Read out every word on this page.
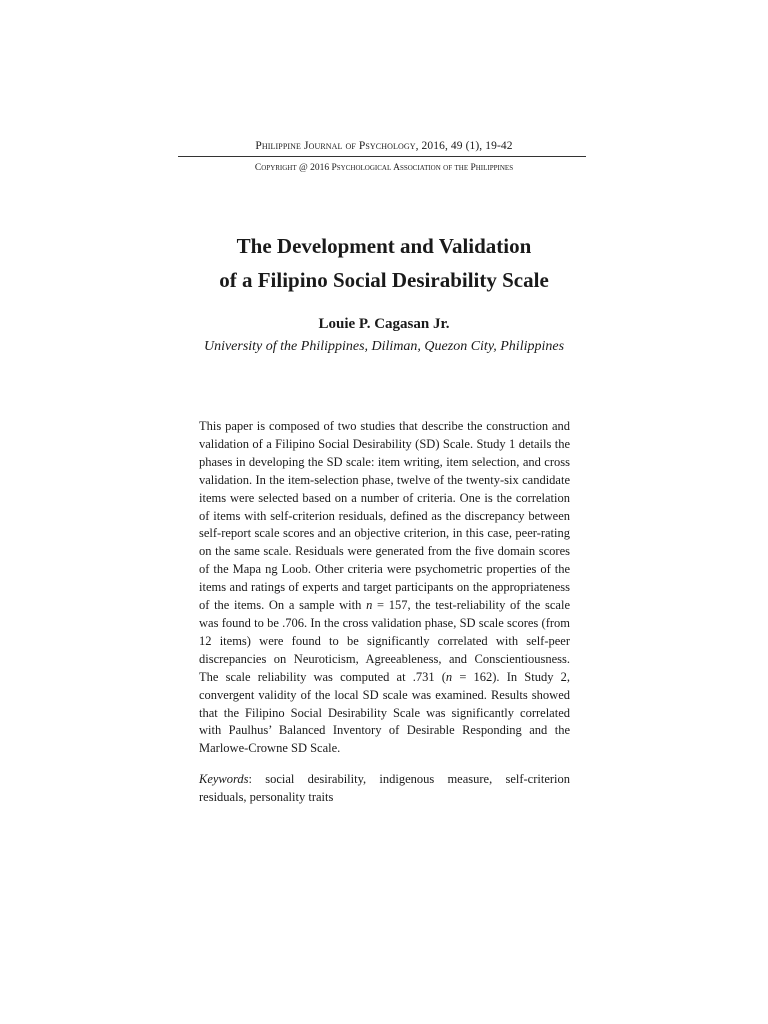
Philippine Journal of Psychology, 2016, 49 (1), 19-42
Copyright @ 2016 Psychological Association of the Philippines
The Development and Validation
of a Filipino Social Desirability Scale
Louie P. Cagasan Jr.
University of the Philippines, Diliman, Quezon City, Philippines

This paper is composed of two studies that describe the construction and validation of a Filipino Social Desirability (SD) Scale. Study 1 details the phases in developing the SD scale: item writing, item selection, and cross validation. In the item-selection phase, twelve of the twenty-six candidate items were selected based on a number of criteria. One is the correlation of items with self-criterion residuals, defined as the discrepancy between self-report scale scores and an objective criterion, in this case, peer-rating on the same scale. Residuals were generated from the five domain scores of the Mapa ng Loob. Other criteria were psychometric properties of the items and ratings of experts and target participants on the appropriateness of the items. On a sample with n = 157, the test-reliability of the scale was found to be .706. In the cross validation phase, SD scale scores (from 12 items) were found to be significantly correlated with self-peer discrepancies on Neuroticism, Agreeableness, and Conscientiousness. The scale reliability was computed at .731 (n = 162). In Study 2, convergent validity of the local SD scale was examined. Results showed that the Filipino Social Desirability Scale was significantly correlated with Paulhus’ Balanced Inventory of Desirable Responding and the Marlowe-Crowne SD Scale.

Keywords: social desirability, indigenous measure, self-criterion residuals, personality traits
